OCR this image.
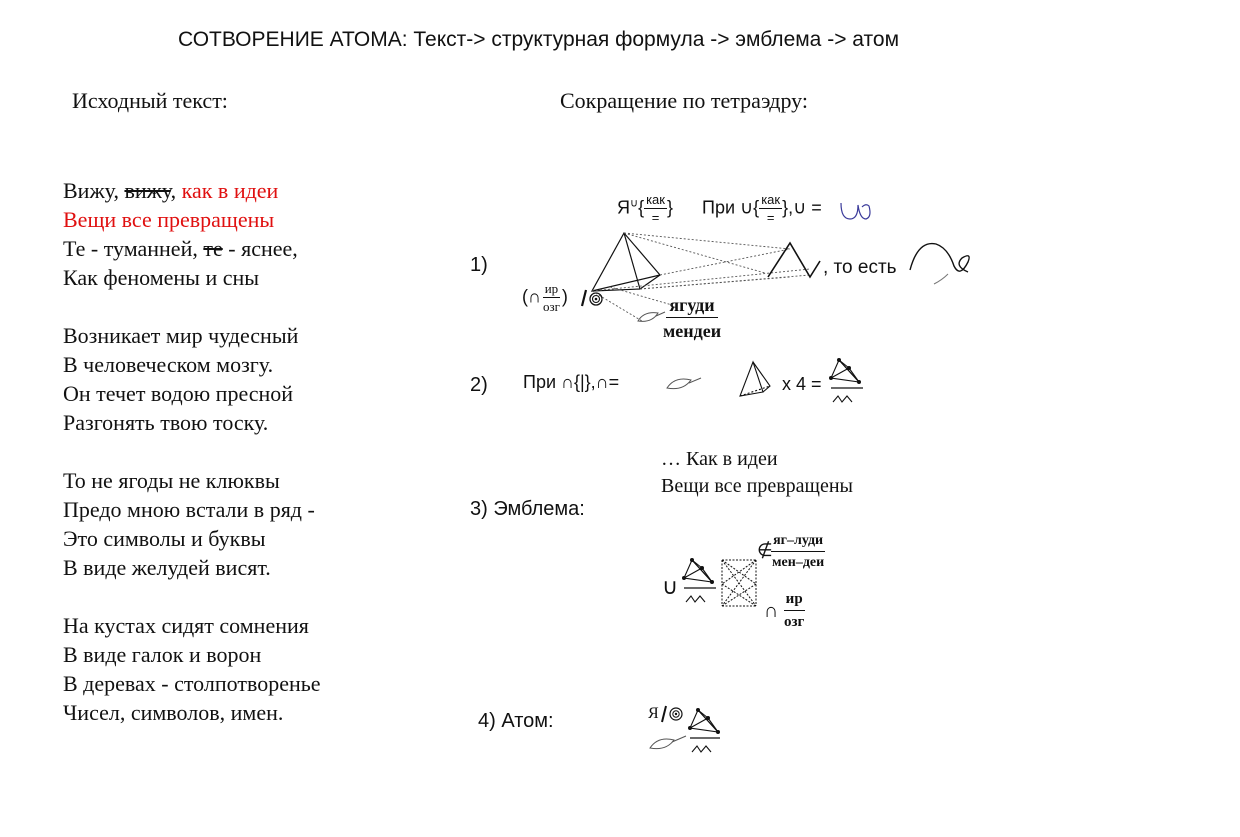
СОТВОРЕНИЕ АТОМА: Текст-> структурная формула -> эмблема -> атом
Исходный текст:
Вижу, вижу, как в идеи
Вещи все превращены
Те - туманней, те - яснее,
Как феномены и сны
Возникает мир чудесный
В человеческом мозгу.
Он течет водою пресной
Разгонять твою тоску.
То не ягоды не клюквы
Предо мною встали в ряд -
Это символы и буквы
В виде желудей висят.
На кустах сидят сомнения
В виде галок и ворон
В деревах - столпотворенье
Чисел, символов, имен.
Сокращение по тетраэдру:
1)
$Я^\cup\{ \frac{\text{как}}{=}$ } При ∪{ $\frac{\text{как}}{=}$ },∪ =
(∩ $\frac{ир}{\text{озг}}$ )	$\frac{\text{ягуди}}{\text{мендеи}}$
, то есть
2) При ∩{|},∩=	x 4 =
… Как в идеи
Вещи все превращены
3) Эмблема:
∪
∉
$\frac{\text{яг–луди}}{\text{мен–деи}}$
∩ $\frac{ир}{\text{озг}}$
4) Атом:	Я
